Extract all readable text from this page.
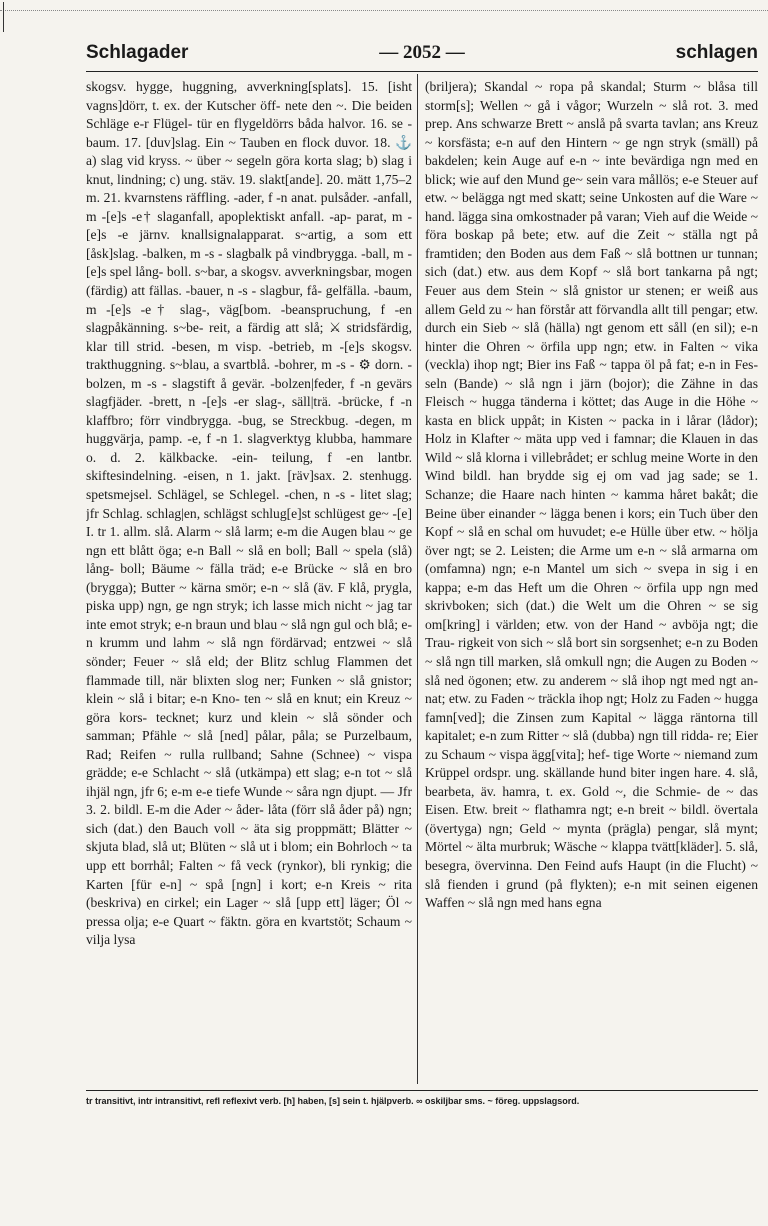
Schlagader	— 2052 —	schlagen

skogsv. hygge, huggning, avverkning[splats]. 15. [isht vagns]dörr, t. ex. der Kutscher öff- nete den ~. Die beiden Schläge e-r Flügel- tür en flygeldörrs båda halvor. 16. se -baum. 17. [duv]slag. Ein ~ Tauben en flock duvor. 18. ⚓ a) slag vid kryss. ~ über ~ segeln göra korta slag; b) slag i knut, lindning; c) ung. stäv. 19. slakt[ande]. 20. mätt 1,75–2 m. 21. kvarnstens räffling. -ader, f -n anat. pulsåder. -anfall, m -[e]s -e† slaganfall, apoplektiskt anfall. -ap- parat, m -[e]s -e järnv. knallsignalapparat. s~artig, a som ett [åsk]slag. -balken, m -s - slagbalk på vindbrygga. -ball, m -[e]s spel lång- boll. s~bar, a skogsv. avverkningsbar, mogen (färdig) att fällas. -bauer, n -s - slagbur, få- gelfälla. -baum, m -[e]s -e† slag-, väg[bom. -beanspruchung, f -en slagpåkänning. s~be- reit, a färdig att slå; ⚔ stridsfärdig, klar till strid. -besen, m visp. -betrieb, m -[e]s skogsv. trakthuggning. s~blau, a svartblå. -bohrer, m -s - ⚙ dorn. -bolzen, m -s - slagstift å gevär. -bolzen|feder, f -n gevärs slagfjäder. -brett, n -[e]s -er slag-, säll|trä. -brücke, f -n klaffbro; förr vindbrygga. -bug, se Streckbug. -degen, m huggvärja, pamp. -e, f -n 1. slagverktyg klubba, hammare o. d. 2. kälkbacke. -ein- teilung, f -en lantbr. skiftesindelning. -eisen, n 1. jakt. [räv]sax. 2. stenhugg. spetsmejsel. Schlägel, se Schlegel. -chen, n -s - litet slag; jfr Schlag. schlag|en, schlägst schlug[e]st schlügest ge~ -[e] I. tr 1. allm. slå. Alarm ~ slå larm; e-m die Augen blau ~ ge ngn ett blått öga; e-n Ball ~ slå en boll; Ball ~ spela (slå) lång- boll; Bäume ~ fälla träd; e-e Brücke ~ slå en bro (brygga); Butter ~ kärna smör; e-n ~ slå (äv. F klå, prygla, piska upp) ngn, ge ngn stryk; ich lasse mich nicht ~ jag tar inte emot stryk; e-n braun und blau ~ slå ngn gul och blå; e-n krumm und lahm ~ slå ngn fördärvad; entzwei ~ slå sönder; Feuer ~ slå eld; der Blitz schlug Flammen det flammade till, när blixten slog ner; Funken ~ slå gnistor; klein ~ slå i bitar; e-n Kno- ten ~ slå en knut; ein Kreuz ~ göra kors- tecknet; kurz und klein ~ slå sönder och samman; Pfähle ~ slå [ned] pålar, påla; se Purzelbaum, Rad; Reifen ~ rulla rullband; Sahne (Schnee) ~ vispa grädde; e-e Schlacht ~ slå (utkämpa) ett slag; e-n tot ~ slå ihjäl ngn, jfr 6; e-m e-e tiefe Wunde ~ såra ngn djupt. — Jfr 3. 2. bildl. E-m die Ader ~ åder- låta (förr slå åder på) ngn; sich (dat.) den Bauch voll ~ äta sig proppmätt; Blätter ~ skjuta blad, slå ut; Blüten ~ slå ut i blom; ein Bohrloch ~ ta upp ett borrhål; Falten ~ få veck (rynkor), bli rynkig; die Karten [für e-n] ~ spå [ngn] i kort; e-n Kreis ~ rita (beskriva) en cirkel; ein Lager ~ slå [upp ett] läger; Öl ~ pressa olja; e-e Quart ~ fäktn. göra en kvartstöt; Schaum ~ vilja lysa

(briljera); Skandal ~ ropa på skandal; Sturm ~ blåsa till storm[s]; Wellen ~ gå i vågor; Wurzeln ~ slå rot. 3. med prep. Ans schwarze Brett ~ anslå på svarta tavlan; ans Kreuz ~ korsfästa; e-n auf den Hintern ~ ge ngn stryk (smäll) på bakdelen; kein Auge auf e-n ~ inte bevärdiga ngn med en blick; wie auf den Mund ge~ sein vara mållös; e-e Steuer auf etw. ~ belägga ngt med skatt; seine Unkosten auf die Ware ~ hand. lägga sina omkostnader på varan; Vieh auf die Weide ~ föra boskap på bete; etw. auf die Zeit ~ ställa ngt på framtiden; den Boden aus dem Faß ~ slå bottnen ur tunnan; sich (dat.) etw. aus dem Kopf ~ slå bort tankarna på ngt; Feuer aus dem Stein ~ slå gnistor ur stenen; er weiß aus allem Geld zu ~ han förstår att förvandla allt till pengar; etw. durch ein Sieb ~ slå (hälla) ngt genom ett såll (en sil); e-n hinter die Ohren ~ örfila upp ngn; etw. in Falten ~ vika (veckla) ihop ngt; Bier ins Faß ~ tappa öl på fat; e-n in Fes- seln (Bande) ~ slå ngn i järn (bojor); die Zähne in das Fleisch ~ hugga tänderna i köttet; das Auge in die Höhe ~ kasta en blick uppåt; in Kisten ~ packa in i lårar (lådor); Holz in Klafter ~ mäta upp ved i famnar; die Klauen in das Wild ~ slå klorna i villebrådet; er schlug meine Worte in den Wind bildl. han brydde sig ej om vad jag sade; se 1. Schanze; die Haare nach hinten ~ kamma håret bakåt; die Beine über einander ~ lägga benen i kors; ein Tuch über den Kopf ~ slå en schal om huvudet; e-e Hülle über etw. ~ hölja över ngt; se 2. Leisten; die Arme um e-n ~ slå armarna om (omfamna) ngn; e-n Mantel um sich ~ svepa in sig i en kappa; e-m das Heft um die Ohren ~ örfila upp ngn med skrivboken; sich (dat.) die Welt um die Ohren ~ se sig om[kring] i världen; etw. von der Hand ~ avböja ngt; die Trau- rigkeit von sich ~ slå bort sin sorgsenhet; e-n zu Boden ~ slå ngn till marken, slå omkull ngn; die Augen zu Boden ~ slå ned ögonen; etw. zu anderem ~ slå ihop ngt med ngt an- nat; etw. zu Faden ~ träckla ihop ngt; Holz zu Faden ~ hugga famn[ved]; die Zinsen zum Kapital ~ lägga räntorna till kapitalet; e-n zum Ritter ~ slå (dubba) ngn till ridda- re; Eier zu Schaum ~ vispa ägg[vita]; hef- tige Worte ~ niemand zum Krüppel ordspr. ung. skällande hund biter ingen hare. 4. slå, bearbeta, äv. hamra, t. ex. Gold ~, die Schmie- de ~ das Eisen. Etw. breit ~ flathamra ngt; e-n breit ~ bildl. övertala (övertyga) ngn; Geld ~ mynta (prägla) pengar, slå mynt; Mörtel ~ älta murbruk; Wäsche ~ klappa tvätt[kläder]. 5. slå, besegra, övervinna. Den Feind aufs Haupt (in die Flucht) ~ slå fienden i grund (på flykten); e-n mit seinen eigenen Waffen ~ slå ngn med hans egna

tr transitivt, intr intransitivt, refl reflexivt verb. [h] haben, [s] sein t. hjälpverb. ∞ oskiljbar sms. ~ föreg. uppslagsord.
